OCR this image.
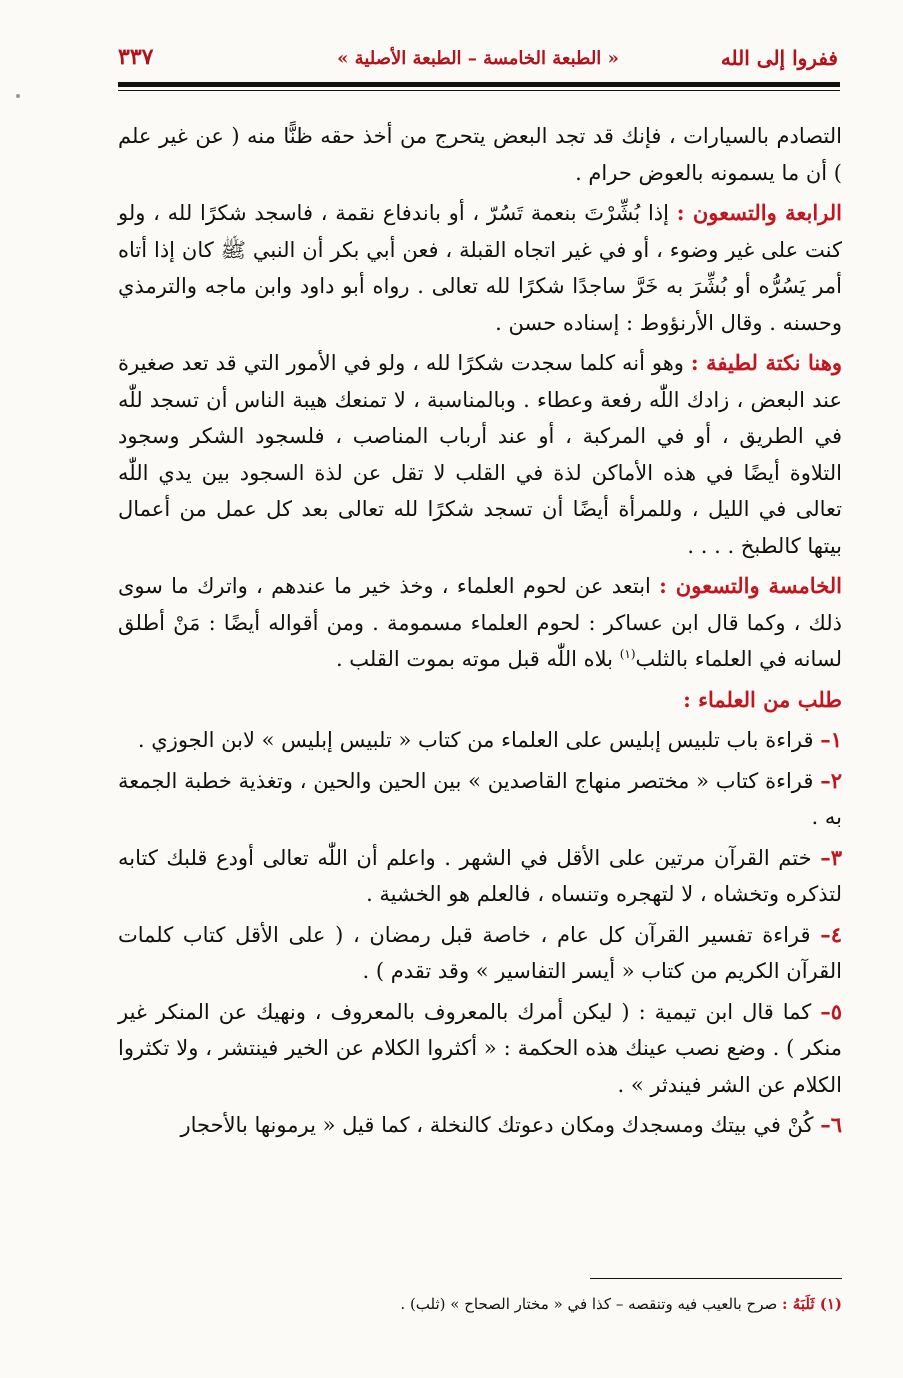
ففروا إلى الله
« الطبعة الخامسة – الطبعة الأصلية »
٣٣٧

التصادم بالسيارات ، فإنك قد تجد البعض يتحرج من أخذ حقه ظنًّا منه ( عن غير علم ) أن ما يسمونه بالعوض حرام .

الرابعة والتسعون : إذا بُشِّرْتَ بنعمة تَسُرّ ، أو باندفاع نقمة ، فاسجد شكرًا لله ، ولو كنت على غير وضوء ، أو في غير اتجاه القبلة ، فعن أبي بكر أن النبي ﷺ كان إذا أتاه أمر يَسُرُّه أو بُشِّرَ به خَرَّ ساجدًا شكرًا لله تعالى . رواه أبو داود وابن ماجه والترمذي وحسنه . وقال الأرنؤوط : إسناده حسن .

وهنا نكتة لطيفة : وهو أنه كلما سجدت شكرًا لله ، ولو في الأمور التي قد تعد صغيرة عند البعض ، زادك اللّٰه رفعة وعطاء . وبالمناسبة ، لا تمنعك هيبة الناس أن تسجد للّٰه في الطريق ، أو في المركبة ، أو عند أرباب المناصب ، فلسجود الشكر وسجود التلاوة أيضًا في هذه الأماكن لذة في القلب لا تقل عن لذة السجود بين يدي اللّٰه تعالى في الليل ، وللمرأة أيضًا أن تسجد شكرًا لله تعالى بعد كل عمل من أعمال بيتها كالطبخ . . . .

الخامسة والتسعون : ابتعد عن لحوم العلماء ، وخذ خير ما عندهم ، واترك ما سوى ذلك ، وكما قال ابن عساكر : لحوم العلماء مسمومة . ومن أقواله أيضًا : مَنْ أطلق لسانه في العلماء بالثلب$^{(١)}$ بلاه اللّٰه قبل موته بموت القلب .

طلب من العلماء :

١– قراءة باب تلبيس إبليس على العلماء من كتاب « تلبيس إبليس » لابن الجوزي .

٢– قراءة كتاب « مختصر منهاج القاصدين » بين الحين والحين ، وتغذية خطبة الجمعة به .

٣– ختم القرآن مرتين على الأقل في الشهر . واعلم أن اللّٰه تعالى أودع قلبك كتابه لتذكره وتخشاه ، لا لتهجره وتنساه ، فالعلم هو الخشية .

٤– قراءة تفسير القرآن كل عام ، خاصة قبل رمضان ، ( على الأقل كتاب كلمات القرآن الكريم من كتاب « أيسر التفاسير » وقد تقدم ) .

٥– كما قال ابن تيمية : ( ليكن أمرك بالمعروف بالمعروف ، ونهيك عن المنكر غير منكر ) . وضع نصب عينك هذه الحكمة : « أكثروا الكلام عن الخير فينتشر ، ولا تكثروا الكلام عن الشر فيندثر » .

٦– كُنْ في بيتك ومسجدك ومكان دعوتك كالنخلة ، كما قيل « يرمونها بالأحجار

(١) ثَلَبَهُ : صرح بالعيب فيه وتنقصه – كذا في « مختار الصحاح » (ثلب) .
